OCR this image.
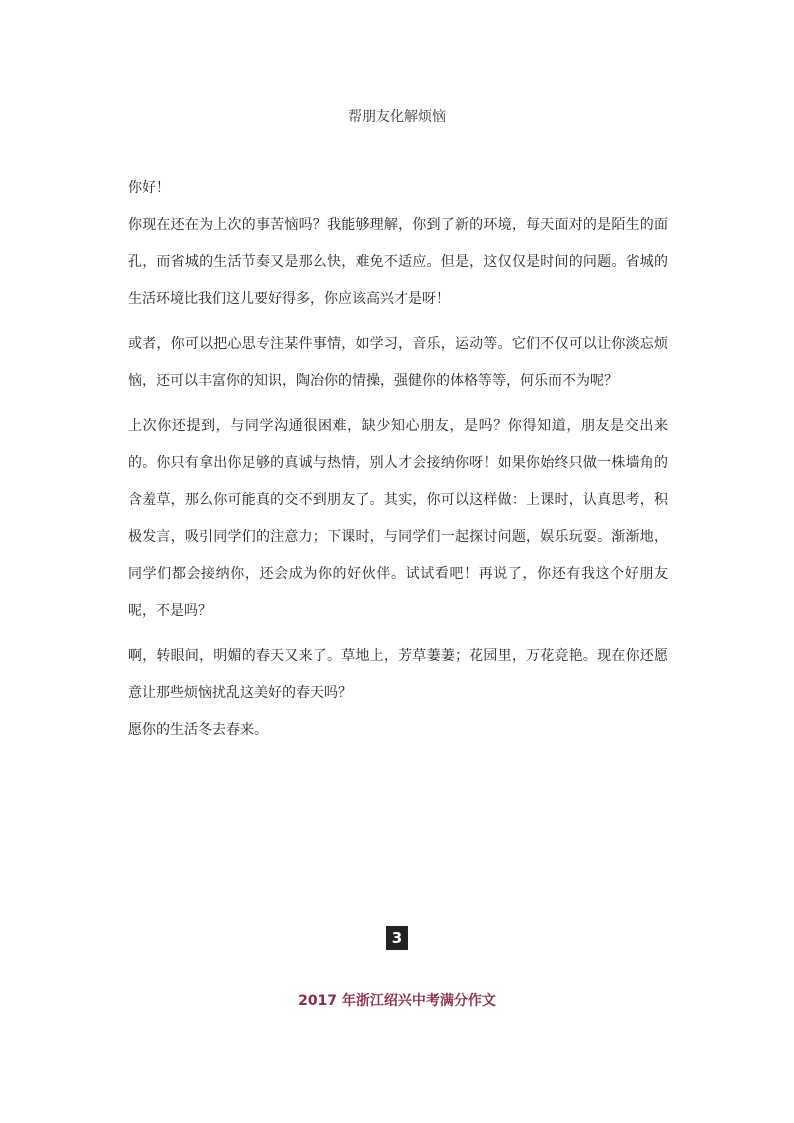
帮朋友化解烦恼

你好！

你现在还在为上次的事苦恼吗？我能够理解，你到了新的环境，每天面对的是陌生的面孔，而省城的生活节奏又是那么快，难免不适应。但是，这仅仅是时间的问题。省城的生活环境比我们这儿要好得多，你应该高兴才是呀！

或者，你可以把心思专注某件事情，如学习，音乐，运动等。它们不仅可以让你淡忘烦恼，还可以丰富你的知识，陶冶你的情操，强健你的体格等等，何乐而不为呢？

上次你还提到，与同学沟通很困难，缺少知心朋友，是吗？你得知道，朋友是交出来的。你只有拿出你足够的真诚与热情，别人才会接纳你呀！如果你始终只做一株墙角的含羞草，那么你可能真的交不到朋友了。其实，你可以这样做：上课时，认真思考，积极发言，吸引同学们的注意力；下课时，与同学们一起探讨问题，娱乐玩耍。渐渐地，同学们都会接纳你，还会成为你的好伙伴。试试看吧！再说了，你还有我这个好朋友呢，不是吗？

啊，转眼间，明媚的春天又来了。草地上，芳草萋萋；花园里，万花竞艳。现在你还愿意让那些烦恼扰乱这美好的春天吗？

愿你的生活冬去春来。

3
2017 年浙江绍兴中考满分作文
